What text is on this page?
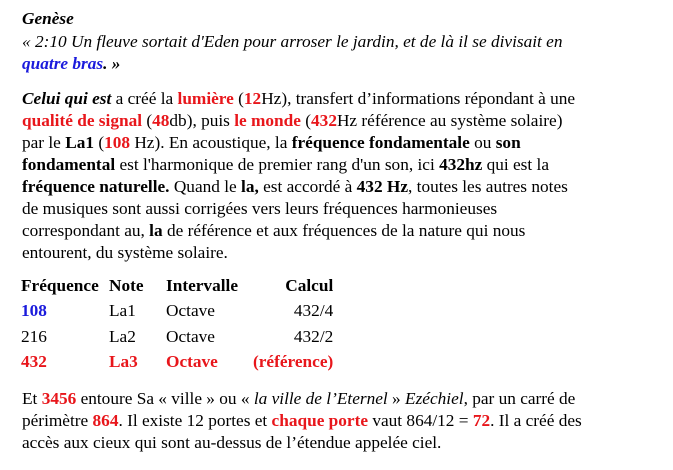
Genèse
« 2:10 Un fleuve sortait d'Eden pour arroser le jardin, et de là il se divisait en
quatre bras. »
Celui qui est a créé la lumière (12Hz), transfert d’informations répondant à une
qualité de signal (48db), puis le monde (432Hz référence au système solaire)
par le La1 (108 Hz). En acoustique, la fréquence fondamentale ou son
fondamental est l'harmonique de premier rang d'un son, ici 432hz qui est la
fréquence naturelle. Quand le la, est accordé à 432 Hz, toutes les autres notes
de musiques sont aussi corrigées vers leurs fréquences harmonieuses
correspondant au, la de référence et aux fréquences de la nature qui nous
entourent, du système solaire.
Fréquence	Note	Intervalle	Calcul
108	La1	Octave	432/4
216	La2	Octave	432/2
432	La3	Octave	(référence)
Et 3456 entoure Sa « ville » ou « la ville de l’Eternel » Ezéchiel, par un carré de
périmètre 864. Il existe 12 portes et chaque porte vaut 864/12 = 72. Il a créé des
accès aux cieux qui sont au-dessus de l’étendue appelée ciel.
